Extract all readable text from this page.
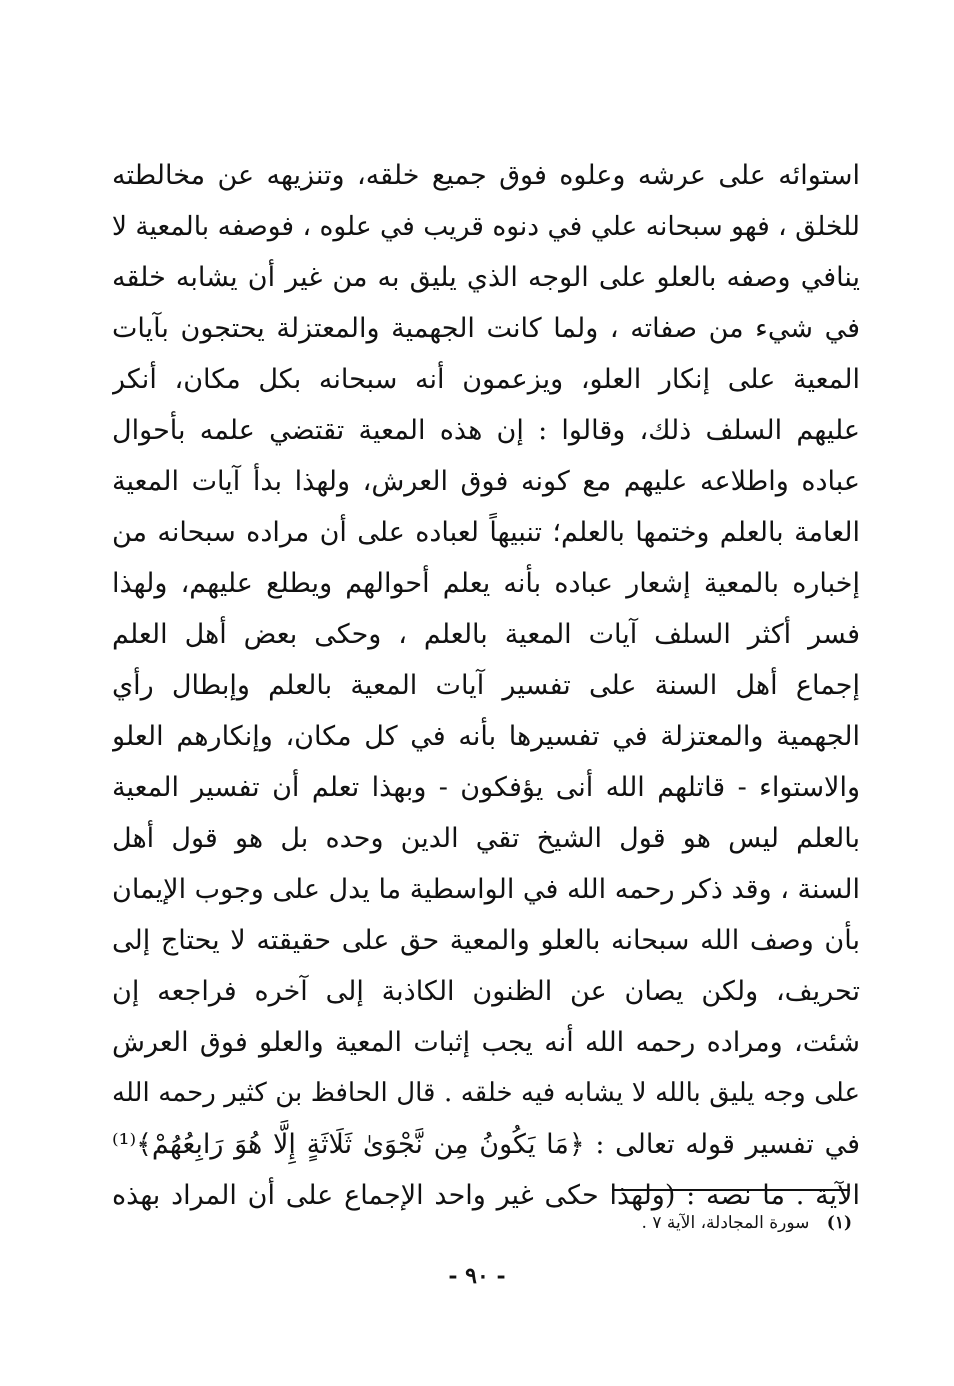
استوائه على عرشه وعلوه فوق جميع خلقه، وتنزيهه عن مخالطته
للخلق ، فهو سبحانه علي في دنوه قريب في علوه ، فوصفه بالمعية لا
ينافي وصفه بالعلو على الوجه الذي يليق به من غير أن يشابه خلقه
في شيء من صفاته ، ولما كانت الجهمية والمعتزلة يحتجون بآيات
المعية على إنكار العلو، ويزعمون أنه سبحانه بكل مكان، أنكر
عليهم السلف ذلك، وقالوا : إن هذه المعية تقتضي علمه بأحوال
عباده واطلاعه عليهم مع كونه فوق العرش، ولهذا بدأ آيات المعية
العامة بالعلم وختمها بالعلم؛ تنبيهاً لعباده على أن مراده سبحانه من
إخباره بالمعية إشعار عباده بأنه يعلم أحوالهم ويطلع عليهم، ولهذا
فسر أكثر السلف آيات المعية بالعلم ، وحكى بعض أهل العلم
إجماع أهل السنة على تفسير آيات المعية بالعلم وإبطال رأي
الجهمية والمعتزلة في تفسيرها بأنه في كل مكان، وإنكارهم العلو
والاستواء - قاتلهم الله أنى يؤفكون - وبهذا تعلم أن تفسير المعية
بالعلم ليس هو قول الشيخ تقي الدين وحده بل هو قول أهل
السنة ، وقد ذكر رحمه الله في الواسطية ما يدل على وجوب الإيمان
بأن وصف الله سبحانه بالعلو والمعية حق على حقيقته لا يحتاج إلى
تحريف، ولكن يصان عن الظنون الكاذبة إلى آخره فراجعه إن
شئت، ومراده رحمه الله أنه يجب إثبات المعية والعلو فوق العرش
على وجه يليق بالله لا يشابه فيه خلقه . قال الحافظ بن كثير رحمه الله
في تفسير قوله تعالى : ﴿مَا يَكُونُ مِن نَّجْوَىٰ ثَلَاثَةٍ إِلَّا هُوَ رَابِعُهُمْ﴾⁽¹⁾
الآية . ما نصه : (ولهذا حكى غير واحد الإجماع على أن المراد بهذه
(١) سورة المجادلة، الآية ٧ .
- ٩٠ -
